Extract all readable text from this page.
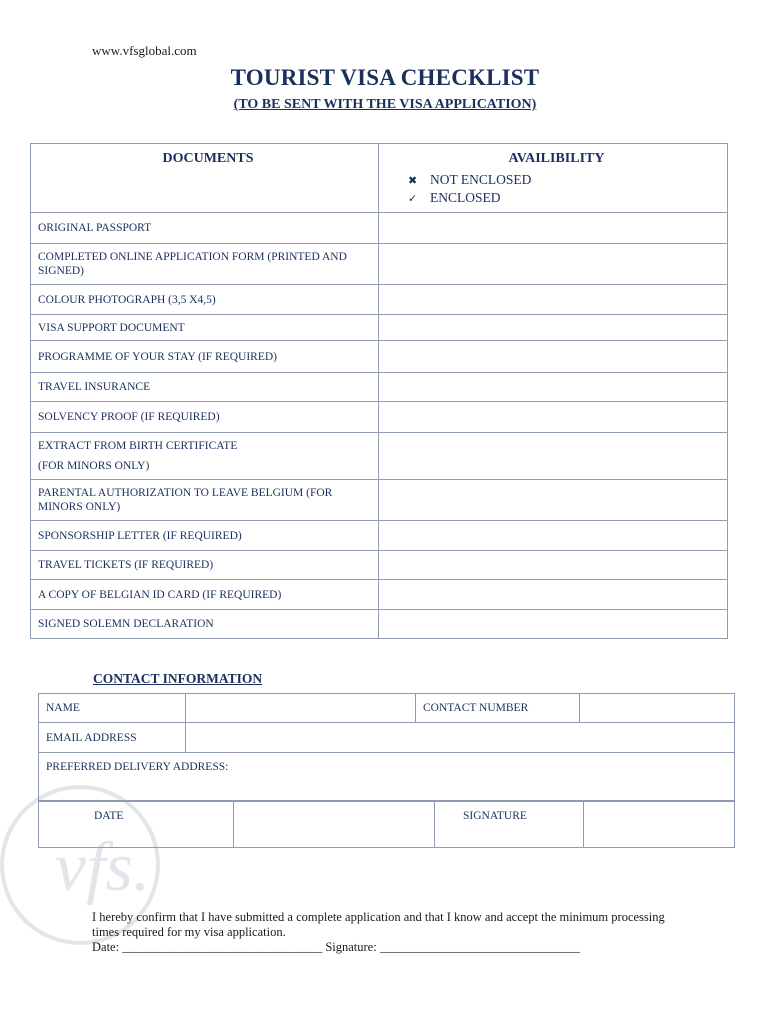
vfs.
www.vfsglobal.com
TOURIST VISA CHECKLIST
(TO BE SENT WITH THE VISA APPLICATION)
DOCUMENTS	AVAILIBILITY
✖ NOT ENCLOSED
✓ ENCLOSED

ORIGINAL PASSPORT	
COMPLETED ONLINE APPLICATION FORM (PRINTED AND SIGNED)	
COLOUR PHOTOGRAPH (3,5 X4,5)	
VISA SUPPORT DOCUMENT	
PROGRAMME OF YOUR STAY (IF REQUIRED)	
TRAVEL INSURANCE	
SOLVENCY PROOF (IF REQUIRED)	

EXTRACT FROM BIRTH CERTIFICATE
(FOR MINORS ONLY)	

PARENTAL AUTHORIZATION TO LEAVE BELGIUM (FOR MINORS ONLY)	
SPONSORSHIP LETTER (IF REQUIRED)	
TRAVEL TICKETS (IF REQUIRED)	
A COPY OF BELGIAN ID CARD (IF REQUIRED)	
SIGNED SOLEMN DECLARATION	
CONTACT INFORMATION
NAME		CONTACT NUMBER	
EMAIL ADDRESS			
PREFERRED DELIVERY ADDRESS:			
DATE		SIGNATURE	
I hereby confirm that I have submitted a complete application and that I know and accept the minimum processing times required for my visa application.
Date: ________________________________ Signature: ________________________________
